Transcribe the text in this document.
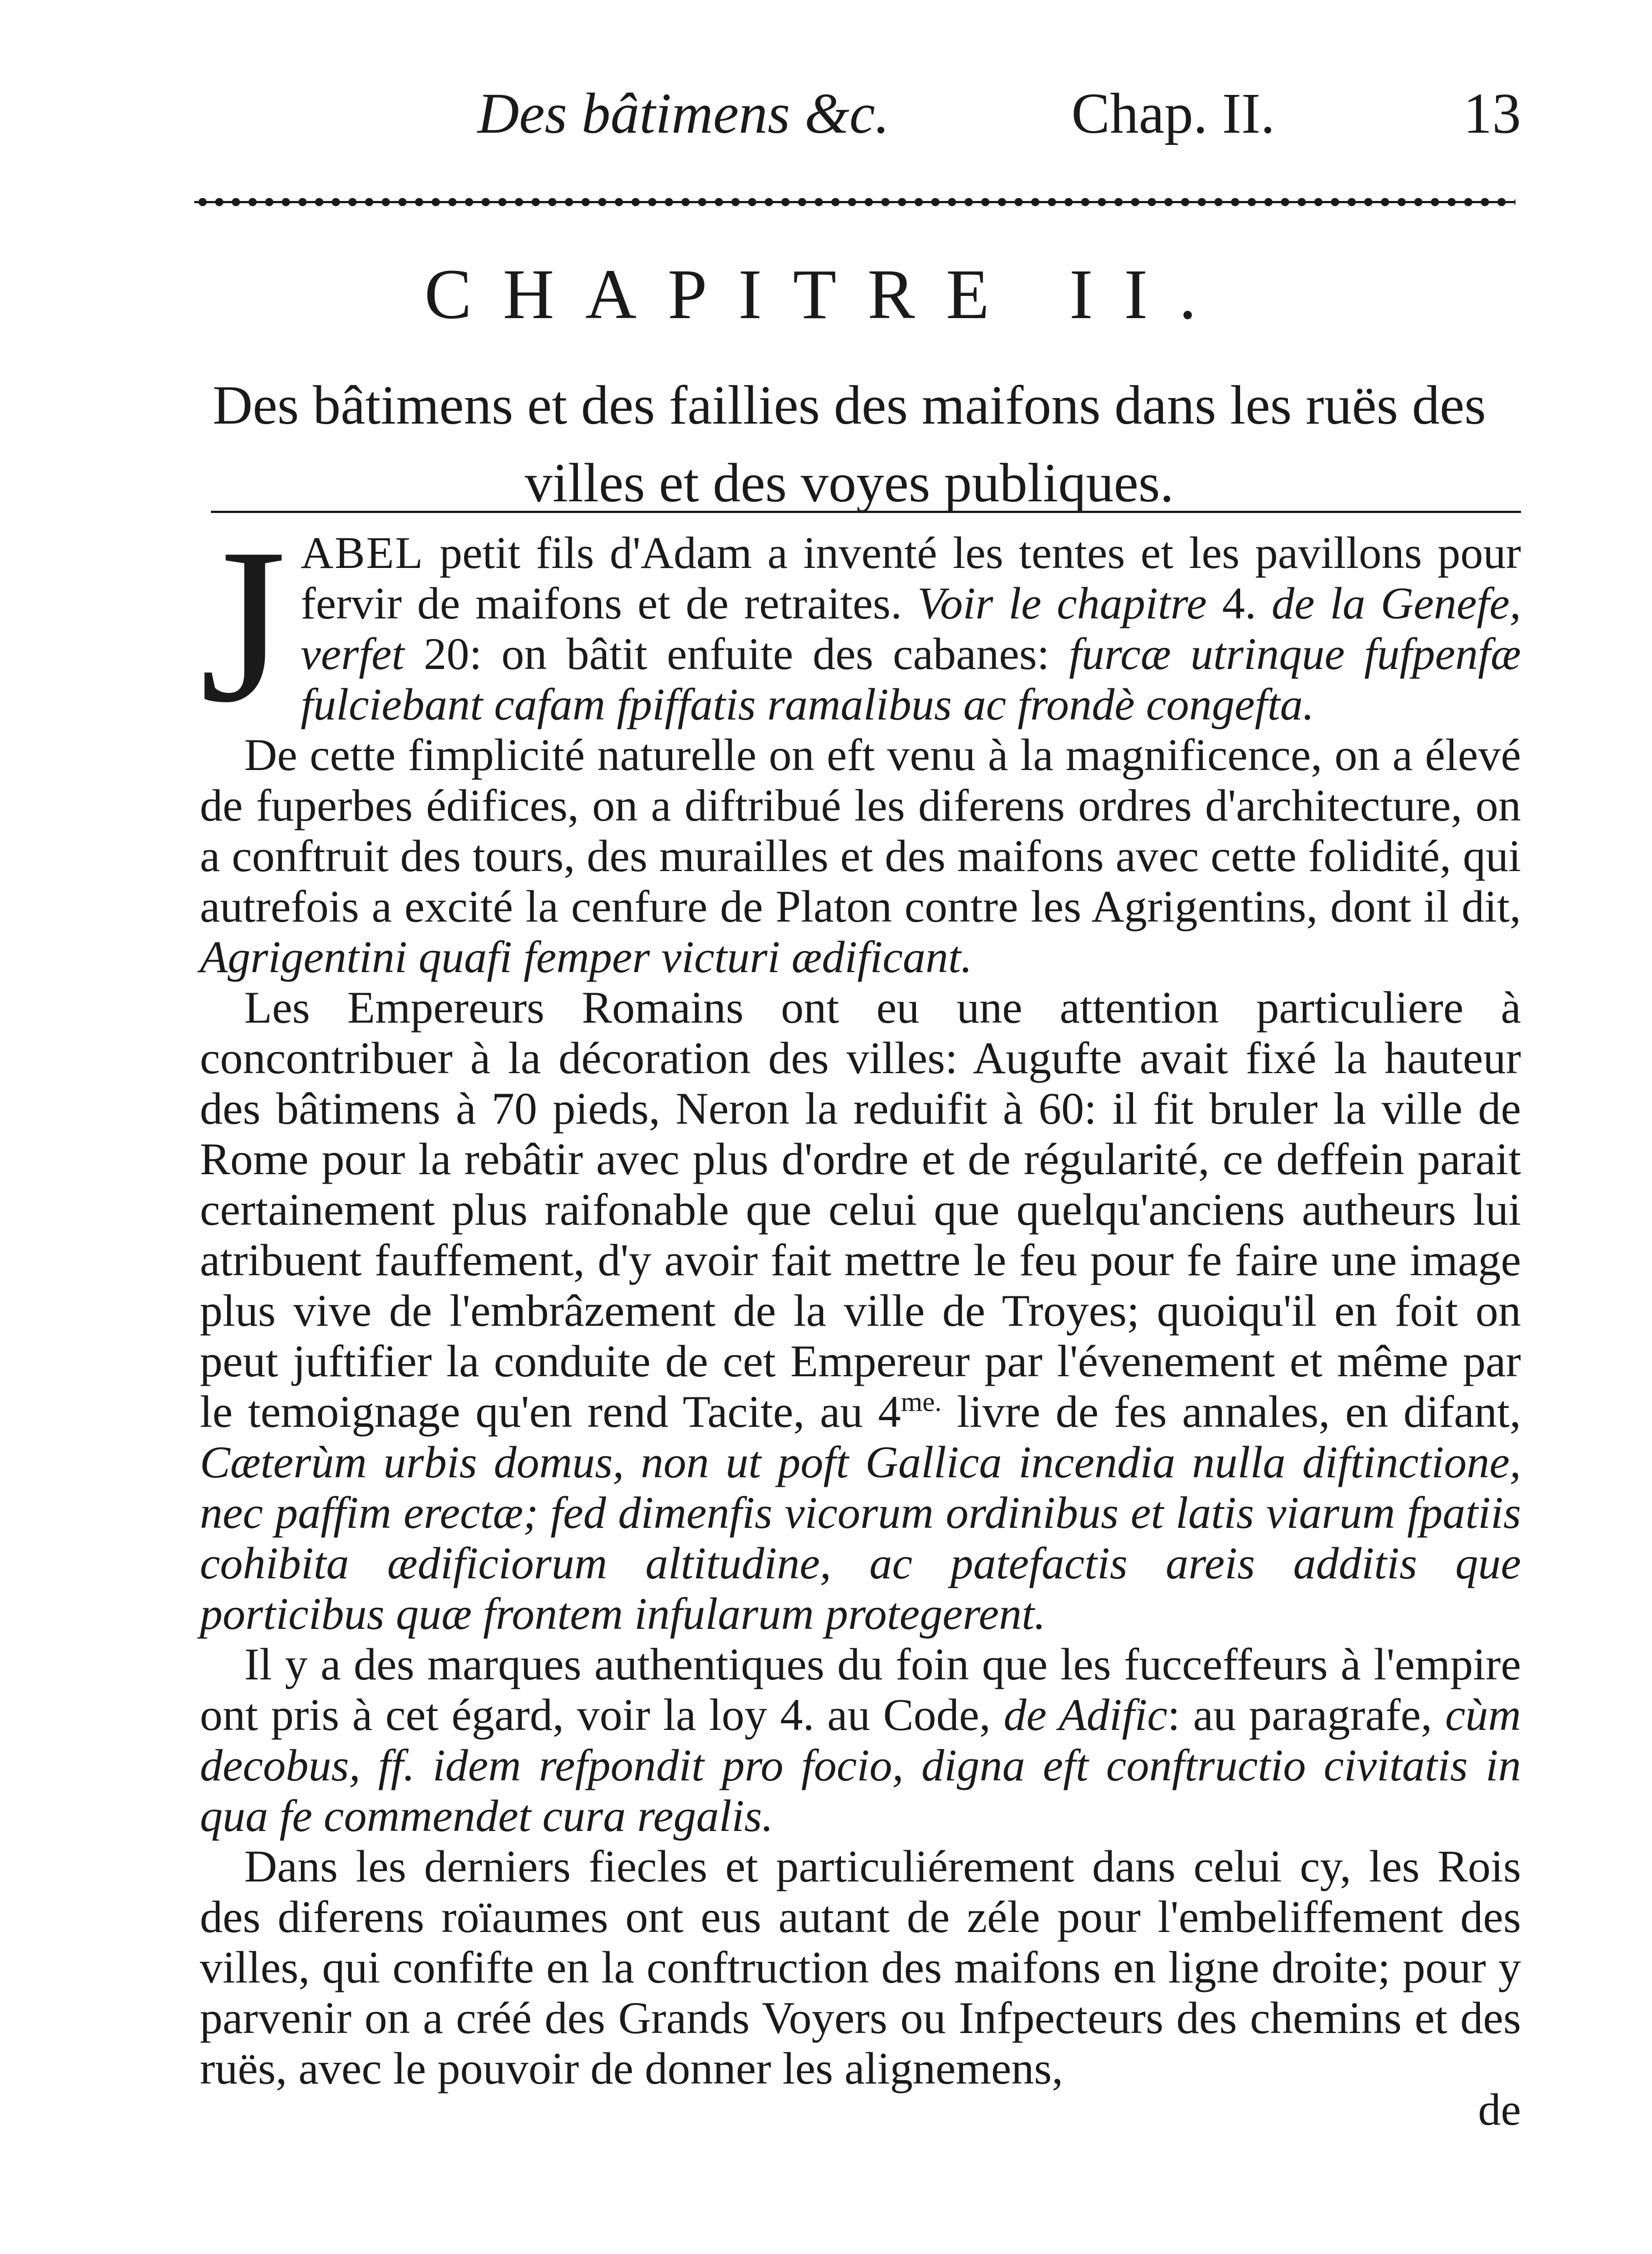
Des bâtimens &c.	Chap. II.	13
CHAPITRE II.
Des bâtimens et des faillies des maifons dans les ruës des villes et des voyes publiques.

JABEL petit fils d'Adam a inventé les tentes et les pavillons pour fervir de maifons et de retraites. Voir le chapitre 4. de la Genefe, verfet 20: on bâtit enfuite des cabanes: furcæ utrinque fufpenfæ fulciebant cafam fpiffatis ramalibus ac frondè congefta.

De cette fimplicité naturelle on eft venu à la magnificence, on a élevé de fuperbes édifices, on a diftribué les diferens ordres d'architecture, on a conftruit des tours, des murailles et des maifons avec cette folidité, qui autrefois a excité la cenfure de Platon contre les Agrigentins, dont il dit, Agrigentini quafi femper victuri ædificant.

Les Empereurs Romains ont eu une attention particuliere à concontribuer à la décoration des villes: Augufte avait fixé la hauteur des bâtimens à 70 pieds, Neron la reduifit à 60: il fit bruler la ville de Rome pour la rebâtir avec plus d'ordre et de régularité, ce deffein parait certainement plus raifonable que celui que quelqu'anciens autheurs lui atribuent fauffement, d'y avoir fait mettre le feu pour fe faire une image plus vive de l'embrâzement de la ville de Troyes; quoiqu'il en foit on peut juftifier la conduite de cet Empereur par l'évenement et même par le temoignage qu'en rend Tacite, au $4^{me.}$ livre de fes annales, en difant, Cæterùm urbis domus, non ut poft Gallica incendia nulla diftinctione, nec paffim erectæ; fed dimenfis vicorum ordinibus et latis viarum fpatiis cohibita ædificiorum altitudine, ac patefactis areis additis que porticibus quæ frontem infularum protegerent.

Il y a des marques authentiques du foin que les fucceffeurs à l'empire ont pris à cet égard, voir la loy 4. au Code, de Adific: au paragrafe, cùm decobus, ff. idem refpondit pro focio, digna eft conftructio civitatis in qua fe commendet cura regalis.

Dans les derniers fiecles et particuliérement dans celui cy, les Rois des diferens roïaumes ont eus autant de zéle pour l'embeliffement des villes, qui confifte en la conftruction des maifons en ligne droite; pour y parvenir on a créé des Grands Voyers ou Infpecteurs des chemins et des ruës, avec le pouvoir de donner les alignemens,

de
